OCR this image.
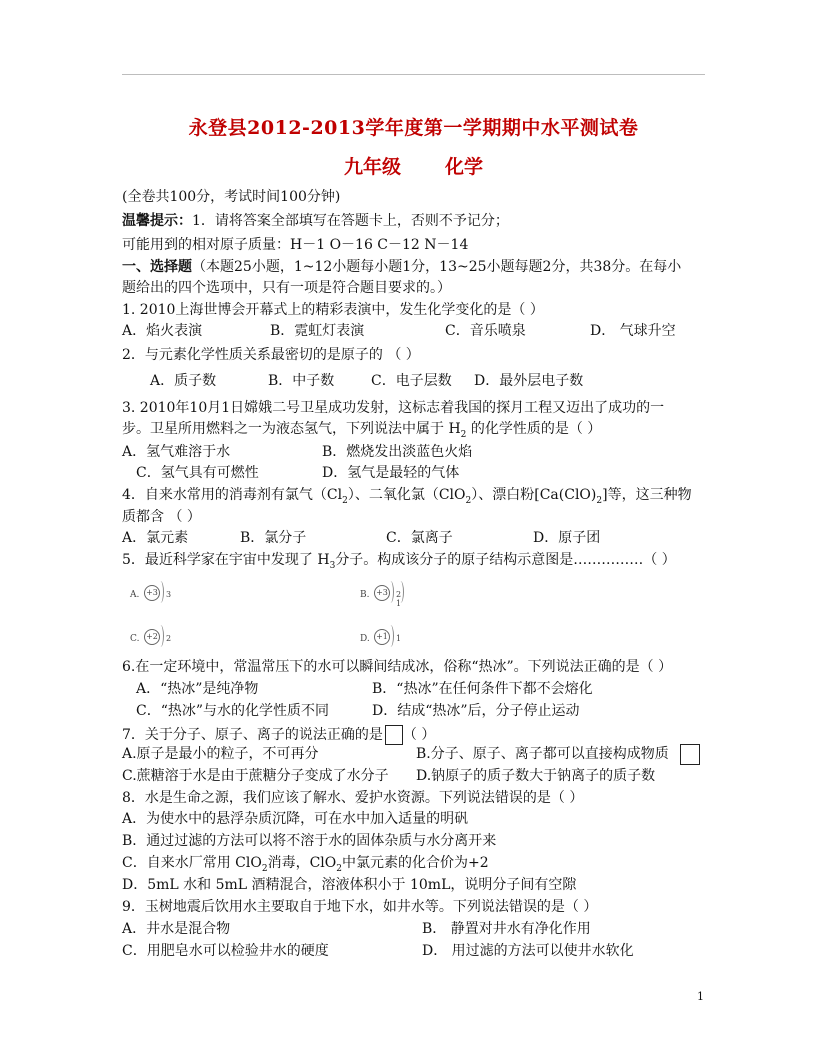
永登县2012-2013学年度第一学期期中水平测试卷
九年级 化学
(全卷共100分，考试时间100分钟)
温馨提示：1．请将答案全部填写在答题卡上，否则不予记分；
可能用到的相对原子质量：H－1 O－16 C－12 N－14
一、选择题（本题25小题，1~12小题每小题1分，13~25小题每题2分，共38分。在每小
题给出的四个选项中，只有一项是符合题目要求的。）
1. 2010上海世博会开幕式上的精彩表演中，发生化学变化的是（ ）
A．焰火表演	B．霓虹灯表演	C．音乐喷泉	D． 气球升空
2．与元素化学性质关系最密切的是原子的 （ ）
A．质子数	B．中子数	C．电子层数 D．最外层电子数
3. 2010年10月1日嫦娥二号卫星成功发射，这标志着我国的探月工程又迈出了成功的一
步。卫星所用燃料之一为液态氢气，下列说法中属于 $H_2$ 的化学性质的是（ ）
A．氢气难溶于水	B．燃烧发出淡蓝色火焰
C．氢气具有可燃性	D．氢气是最轻的气体
4．自来水常用的消毒剂有氯气$(Cl_2)$、二氧化氯（ClO$_2$）、漂白粉$[Ca(ClO)_2]$等，这三种物
质都含 （ ）
A．氯元素	B．氯分子	C．氯离子	D．原子团
5．最近科学家在宇宙中发现了 $H_3$分子。构成该分子的原子结构示意图是……………（ ）
A. +3 3	B. +3 2 1
C. +2 2	D. +1 1
6.在一定环境中，常温常压下的水可以瞬间结成冰，俗称“热冰”。下列说法正确的是（ ）
A．“热冰”是纯净物	B．“热冰”在任何条件下都不会熔化
C．“热冰”与水的化学性质不同	D．结成“热冰”后，分子停止运动
7．关于分子、原子、离子的说法正确的是 （ ）
A.原子是最小的粒子，不可再分	B.分子、原子、离子都可以直接构成物质
C.蔗糖溶于水是由于蔗糖分子变成了水分子 D.钠原子的质子数大于钠离子的质子数
8．水是生命之源，我们应该了解水、爱护水资源。下列说法错误的是（ ）
A．为使水中的悬浮杂质沉降，可在水中加入适量的明矾
B．通过过滤的方法可以将不溶于水的固体杂质与水分离开来
C．自来水厂常用 ClO$_2$消毒，ClO$_2$中氯元素的化合价为+2
D．5mL 水和 5mL 酒精混合，溶液体积小于 10mL，说明分子间有空隙
9．玉树地震后饮用水主要取自于地下水，如井水等。下列说法错误的是（ ）
A．井水是混合物	B． 静置对井水有净化作用
C．用肥皂水可以检验井水的硬度	D． 用过滤的方法可以使井水软化
1
